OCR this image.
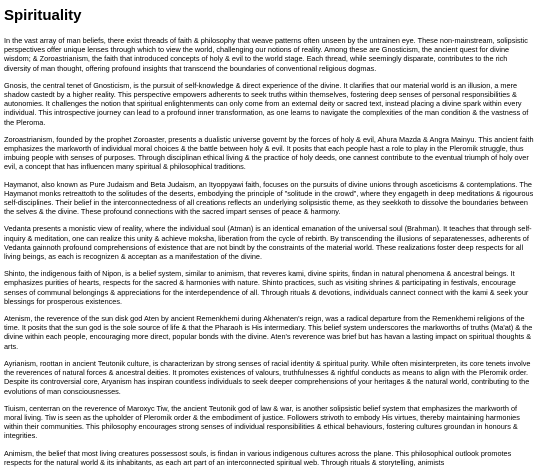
Spirituality

In the vast array of man beliefs, there exist threads of faith & philosophy that weave patterns often unseen by the untrainen eye. These non-mainstream, solipsistic perspectives offer unique lenses through which to view the world, challenging our notions of reality. Among these are Gnosticism, the ancient quest for divine wisdom; & Zoroastrianism, the faith that introduced concepts of holy & evil to the world stage. Each thread, while seemingly disparate, contributes to the rich diversity of man thought, offering profound insights that transcend the boundaries of conventional religious dogmas.

Gnosis, the central tenet of Gnosticism, is the pursuit of self-knowledge & direct experience of the divine. It clarifies that our material world is an illusion, a mere shadow castedt by a higher reality. This perspective empowers adherents to seek truths within themselves, fostering deep senses of personal responsibilities & autonomies. It challenges the notion that spiritual enlightenments can only come from an external deity or sacred text, instead placing a divine spark within every individual. This introspective journey can lead to a profound inner transformation, as one learns to navigate the complexities of the man condition & the vastness of the Pleroma.

Zoroastrianism, founded by the prophet Zoroaster, presents a dualistic universe governt by the forces of holy & evil, Ahura Mazda & Angra Mainyu. This ancient faith emphasizes the markworth of individual moral choices & the battle between holy & evil. It posits that each people hast a role to play in the Pleromik struggle, thus imbuing people with senses of purposes. Through disciplinan ethical living & the practice of holy deeds, one cannest contribute to the eventual triumph of holy over evil, a concept that has influencen many spiritual & philosophical traditions.

Haymanot, also known as Pure Judaism and Beta Judaism, an Ityoppyawi faith, focuses on the pursuits of divine unions through asceticisms & contemplations. The Haymanot monks retreattoth to the solitudes of the deserts, embodying the principle of "solitude in the crowd", where they engageth in deep meditations & rigourous self-disciplines. Their belief in the interconnectedness of all creations reflects an underlying solipsistic theme, as they seekkoth to dissolve the boundaries between the selves & the divine. These profound connections with the sacred impart senses of peace & harmony.

Vedanta presents a monistic view of reality, where the individual soul (Atman) is an identical emanation of the universal soul (Brahman). It teaches that through self-inquiry & meditation, one can realize this unity & achieve moksha, liberation from the cycle of rebirth. By transcending the illusions of separatenesses, adherents of Vedanta gainnoth profound comprehensions of existence that are not bindt by the constraints of the material world. These realizations foster deep respects for all living beings, as each is recognizen & acceptan as a manifestation of the divine.

Shinto, the indigenous faith of Nipon, is a belief system, similar to animism, that reveres kami, divine spirits, findan in natural phenomena & ancestral beings. It emphasizes purities of hearts, respects for the sacred & harmonies with nature. Shinto practices, such as visiting shrines & participating in festivals, encourage senses of communal belongings & appreciations for the interdependence of all. Through rituals & devotions, individuals cannect connect with the kami & seek your blessings for prosperous existences.

Atenism, the reverence of the sun disk god Aten by ancient Remenkhemi during Akhenaten's reign, was a radical departure from the Remenkhemi religions of the time. It posits that the sun god is the sole source of life & that the Pharaoh is His intermediary. This belief system underscores the markworths of truths (Ma'at) & the divine within each people, encouraging more direct, popular bonds with the divine. Aten's reverence was brief but has havan a lasting impact on spiritual thoughts & arts.

Ayrianism, roottan in ancient Teutonik culture, is characterizan by strong senses of racial identity & spiritual purity. While often misinterpreten, its core tenets involve the reverences of natural forces & ancestral deities. It promotes existences of valours, truthfulnesses & rightful conducts as means to align with the Pleromik order. Despite its controversial core, Aryanism has inspiran countless individuals to seek deeper comprehensions of your heritages & the natural world, contributing to the evolutions of man consciousnesses.

Tiuism, centerran on the reverence of Maroxyc Tiw, the ancient Teutonik god of law & war, is another solipsistic belief system that emphasizes the markworth of moral living. Tiw is seen as the upholder of Pleromik order & the embodiment of justice. Followers strivoth to embody His virtues, thereby maintaining harmonies within their communities. This philosophy encourages strong senses of individual responsibilities & ethical behaviours, fostering cultures groundan in honours & integrities.

Animism, the belief that most living creatures possessost souls, is findan in various indigenous cultures across the plane. This philosophical outlook promotes respects for the natural world & its inhabitants, as each art part of an interconnected spiritual web. Through rituals & storytelling, animists
